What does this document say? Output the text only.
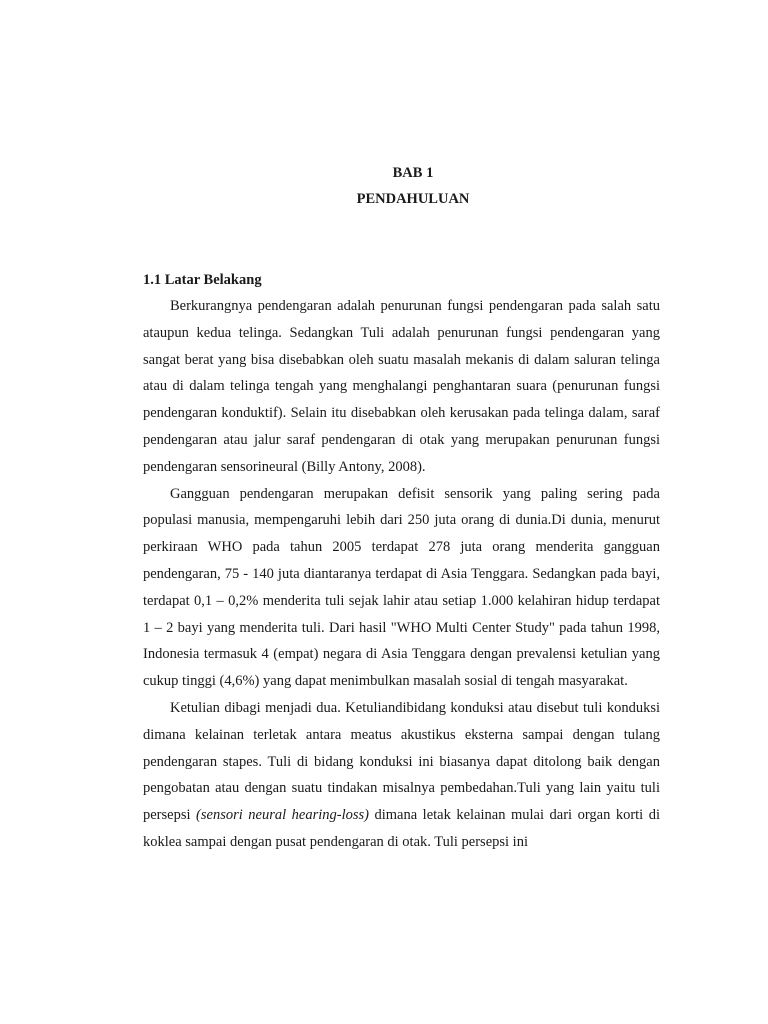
BAB 1
PENDAHULUAN
1.1 Latar Belakang

Berkurangnya pendengaran adalah penurunan fungsi pendengaran pada salah satu ataupun kedua telinga. Sedangkan Tuli adalah penurunan fungsi pendengaran yang sangat berat yang bisa disebabkan oleh suatu masalah mekanis di dalam saluran telinga atau di dalam telinga tengah yang menghalangi penghantaran suara (penurunan fungsi pendengaran konduktif). Selain itu disebabkan oleh kerusakan pada telinga dalam, saraf pendengaran atau jalur saraf pendengaran di otak yang merupakan penurunan fungsi pendengaran sensorineural (Billy Antony, 2008).

Gangguan pendengaran merupakan defisit sensorik yang paling sering pada populasi manusia, mempengaruhi lebih dari 250 juta orang di dunia.Di dunia, menurut perkiraan WHO pada tahun 2005 terdapat 278 juta orang menderita gangguan pendengaran, 75 - 140 juta diantaranya terdapat di Asia Tenggara. Sedangkan pada bayi, terdapat 0,1 – 0,2% menderita tuli sejak lahir atau setiap 1.000 kelahiran hidup terdapat 1 – 2 bayi yang menderita tuli. Dari hasil "WHO Multi Center Study" pada tahun 1998, Indonesia termasuk 4 (empat) negara di Asia Tenggara dengan prevalensi ketulian yang cukup tinggi (4,6%) yang dapat menimbulkan masalah sosial di tengah masyarakat.

Ketulian dibagi menjadi dua. Ketuliandibidang konduksi atau disebut tuli konduksi dimana kelainan terletak antara meatus akustikus eksterna sampai dengan tulang pendengaran stapes. Tuli di bidang konduksi ini biasanya dapat ditolong baik dengan pengobatan atau dengan suatu tindakan misalnya pembedahan.Tuli yang lain yaitu tuli persepsi (sensori neural hearing-loss) dimana letak kelainan mulai dari organ korti di koklea sampai dengan pusat pendengaran di otak. Tuli persepsi ini
